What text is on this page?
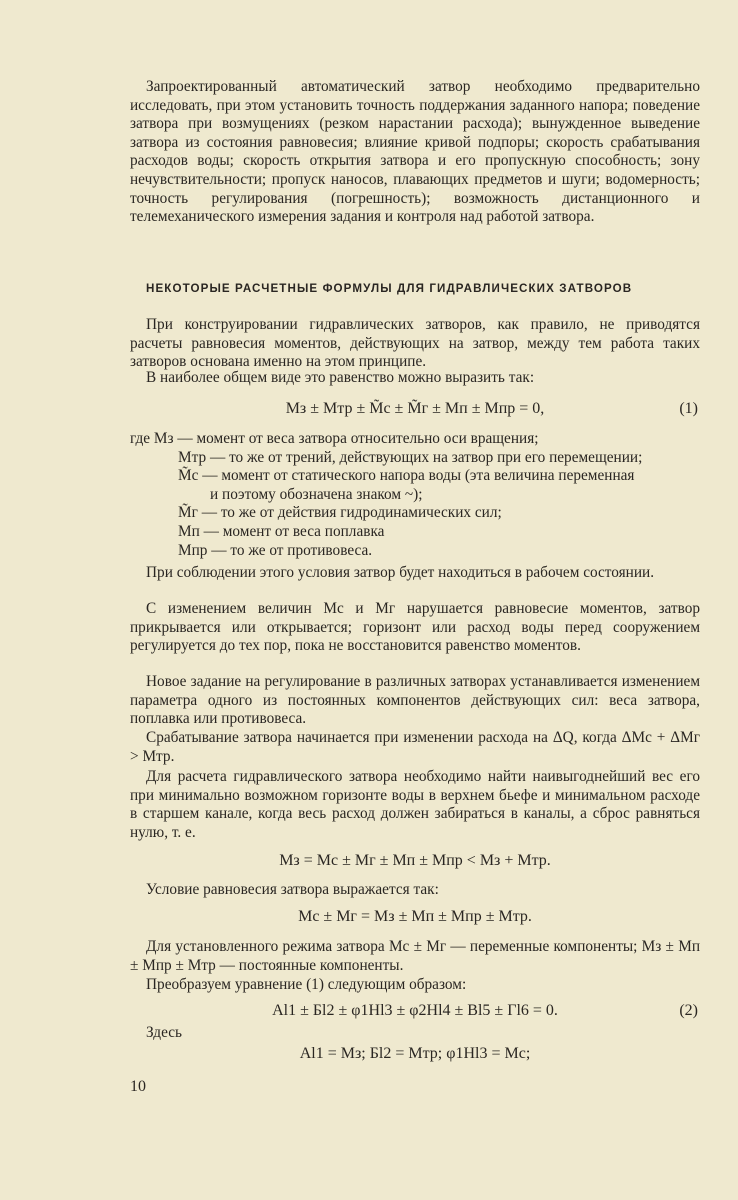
Запроектированный автоматический затвор необходимо предварительно исследовать, при этом установить точность поддержания заданного напора; поведение затвора при возмущениях (резком нарастании расхода); вынужденное выведение затвора из состояния равновесия; влияние кривой подпоры; скорость срабатывания расходов воды; скорость открытия затвора и его пропускную способность; зону нечувствительности; пропуск наносов, плавающих предметов и шуги; водомерность; точность регулирования (погрешность); возможность дистанционного и телемеханического измерения задания и контроля над работой затвора.

НЕКОТОРЫЕ РАСЧЕТНЫЕ ФОРМУЛЫ ДЛЯ ГИДРАВЛИЧЕСКИХ ЗАТВОРОВ

При конструировании гидравлических затворов, как правило, не приводятся расчеты равновесия моментов, действующих на затвор, между тем работа таких затворов основана именно на этом принципе.

В наиболее общем виде это равенство можно выразить так:

Mз ± Mтр ± M̃с ± M̃г ± Mп ± Mпр = 0,	(1)
где Mз — момент от веса затвора относительно оси вращения;
Mтр — то же от трений, действующих на затвор при его перемещении;
M̃с — момент от статического напора воды (эта величина переменная
и поэтому обозначена знаком ~);
M̃г — то же от действия гидродинамических сил;
Mп — момент от веса поплавка
Mпр — то же от противовеса.

При соблюдении этого условия затвор будет находиться в рабочем состоянии.

С изменением величин Mс и Mг нарушается равновесие моментов, затвор прикрывается или открывается; горизонт или расход воды перед сооружением регулируется до тех пор, пока не восстановится равенство моментов.

Новое задание на регулирование в различных затворах устанавливается изменением параметра одного из постоянных компонентов действующих сил: веса затвора, поплавка или противовеса.

Срабатывание затвора начинается при изменении расхода на ΔQ, когда ΔMс + ΔMг > Mтр.

Для расчета гидравлического затвора необходимо найти наивыгоднейший вес его при минимально возможном горизонте воды в верхнем бьефе и минимальном расходе в старшем канале, когда весь расход должен забираться в каналы, а сброс равняться нулю, т. е.

Mз = Mс ± Mг ± Mп ± Mпр < Mз + Mтр.

Условие равновесия затвора выражается так:

Mс ± Mг = Mз ± Mп ± Mпр ± Mтр.

Для установленного режима затвора Mс ± Mг — переменные компоненты; Mз ± Mп ± Mпр ± Mтр — постоянные компоненты.

Преобразуем уравнение (1) следующим образом:

Al1 ± Бl2 ± φ1Hl3 ± φ2Hl4 ± Bl5 ± Гl6 = 0.	(2)

Здесь

Al1 = Mз; Бl2 = Mтр; φ1Hl3 = Mс;

10
